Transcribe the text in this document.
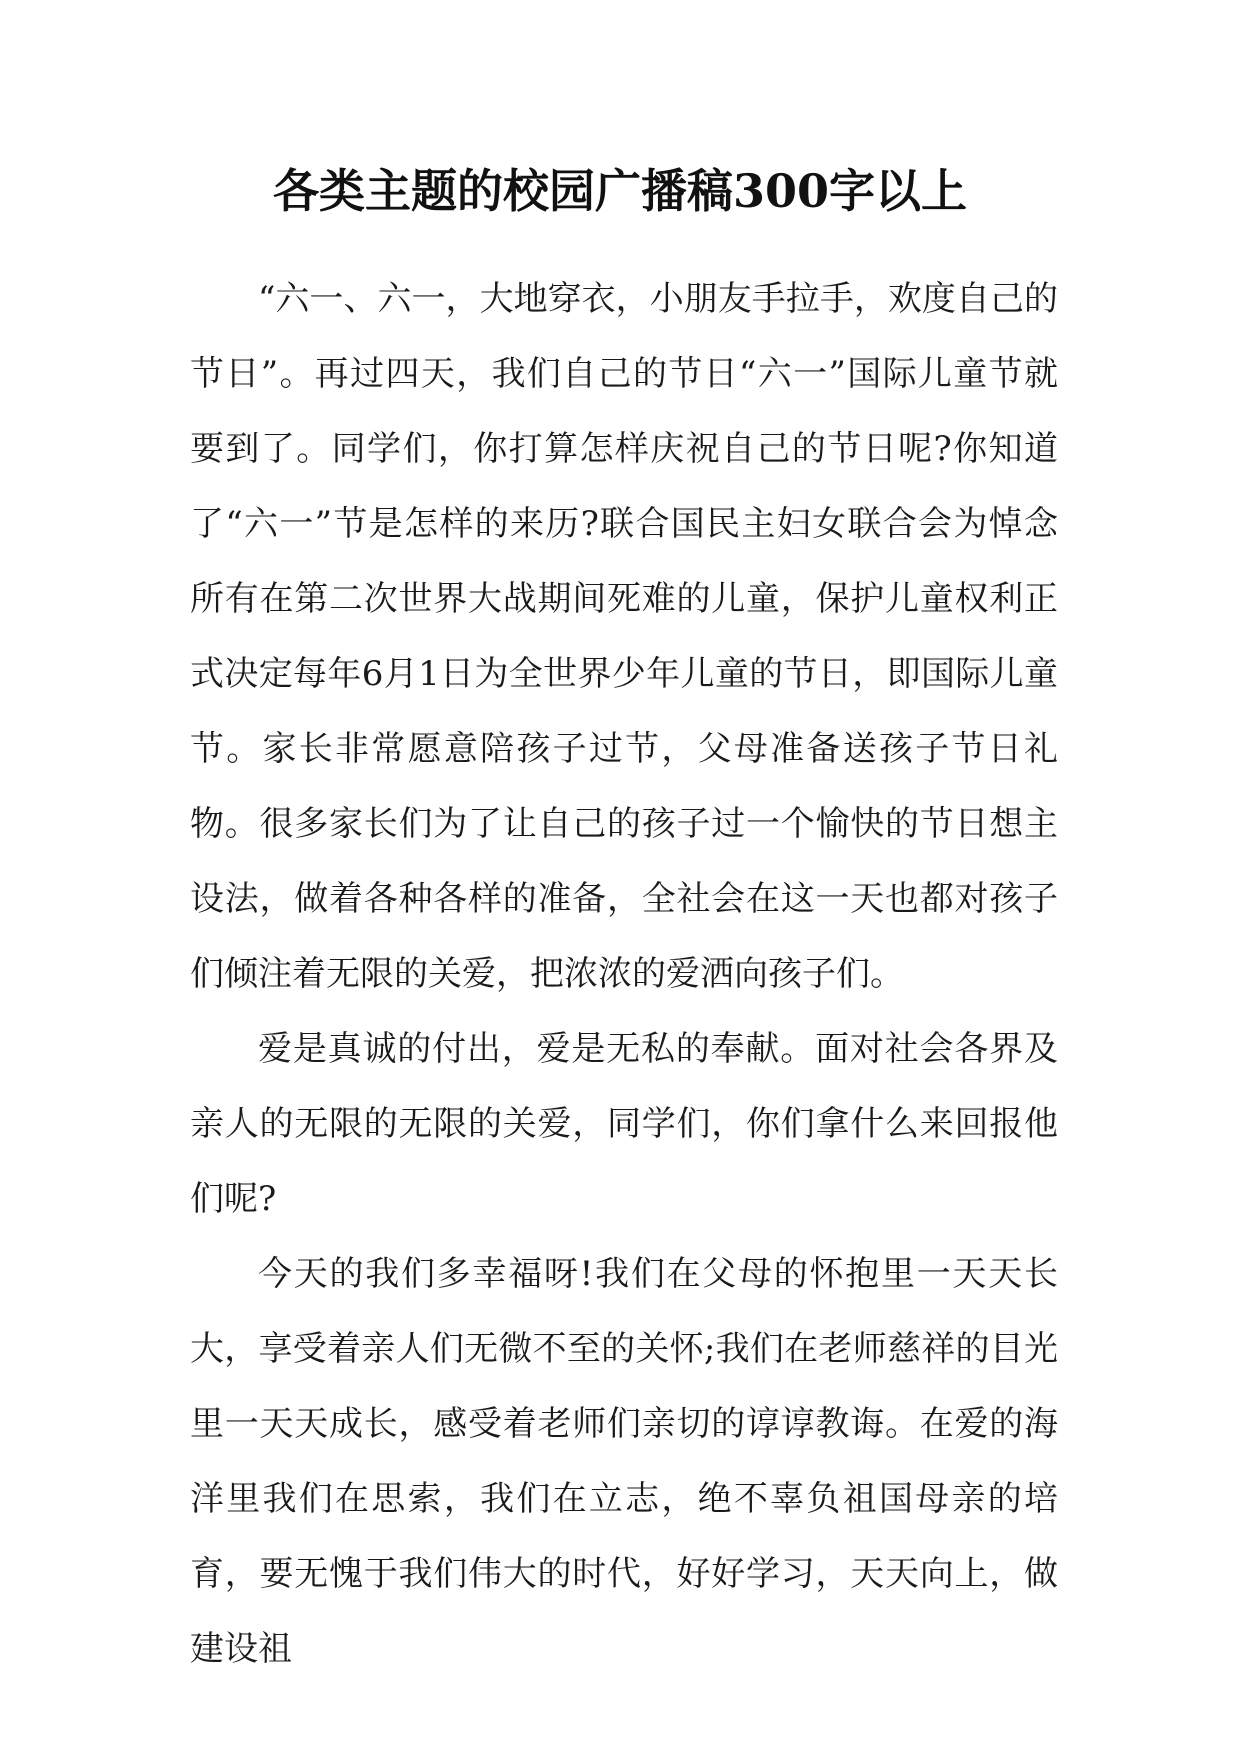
各类主题的校园广播稿300字以上

“六一、六一，大地穿衣，小朋友手拉手，欢度自己的节日”。再过四天，我们自己的节日“六一”国际儿童节就要到了。同学们，你打算怎样庆祝自己的节日呢?你知道了“六一”节是怎样的来历?联合国民主妇女联合会为悼念所有在第二次世界大战期间死难的儿童，保护儿童权利正式决定每年6月1日为全世界少年儿童的节日，即国际儿童节。家长非常愿意陪孩子过节，父母准备送孩子节日礼物。很多家长们为了让自己的孩子过一个愉快的节日想主设法，做着各种各样的准备，全社会在这一天也都对孩子们倾注着无限的关爱，把浓浓的爱洒向孩子们。

爱是真诚的付出，爱是无私的奉献。面对社会各界及亲人的无限的无限的关爱，同学们，你们拿什么来回报他们呢?

今天的我们多幸福呀!我们在父母的怀抱里一天天长大，享受着亲人们无微不至的关怀;我们在老师慈祥的目光里一天天成长，感受着老师们亲切的谆谆教诲。在爱的海洋里我们在思索，我们在立志，绝不辜负祖国母亲的培育，要无愧于我们伟大的时代，好好学习，天天向上，做建设祖
